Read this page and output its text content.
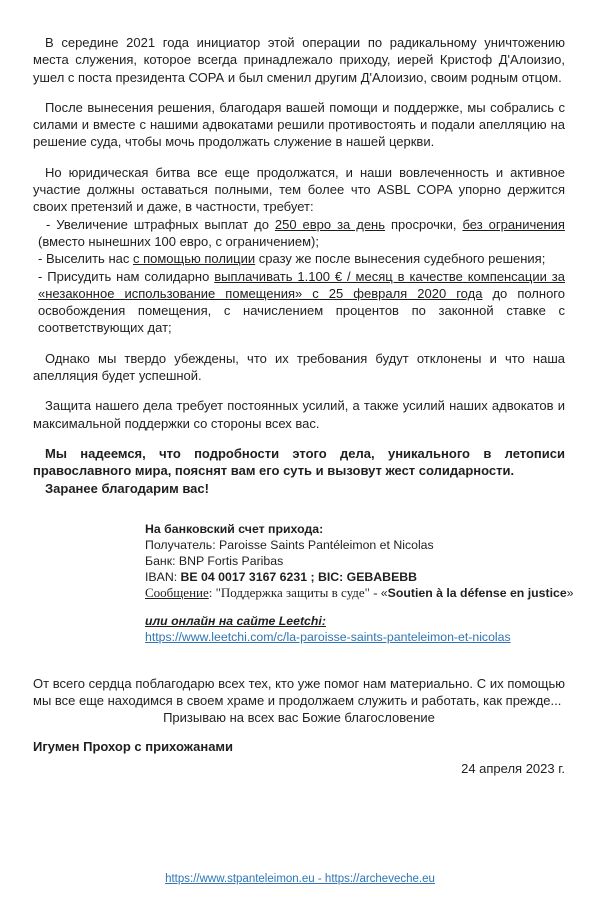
В середине 2021 года инициатор этой операции по радикальному уничтожению места служения, которое всегда принадлежало приходу, иерей Кристоф Д'Алоизио, ушел с поста президента СОРА и был сменил другим Д'Алоизио, своим родным отцом.

После вынесения решения, благодаря вашей помощи и поддержке, мы собрались с силами и вместе с нашими адвокатами решили противостоять и подали апелляцию на решение суда, чтобы мочь продолжать служение в нашей церкви.

Но юридическая битва все еще продолжатся, и наши вовлеченность и активное участие должны оставаться полными, тем более что ASBL COPA упорно держится своих претензий и даже, в частности, требует:

- Увеличение штрафных выплат до 250 евро за день просрочки, без ограничения (вместо нынешних 100 евро, с ограничением);

- Выселить нас с помощью полиции сразу же после вынесения судебного решения;

- Присудить нам солидарно выплачивать 1.100 € / месяц в качестве компенсации за «незаконное использование помещения» с 25 февраля 2020 года до полного освобождения помещения, с начислением процентов по законной ставке с соответствующих дат;

Однако мы твердо убеждены, что их требования будут отклонены и что наша апелляция будет успешной.

Защита нашего дела требует постоянных усилий, а также усилий наших адвокатов и максимальной поддержки со стороны всех вас.

Мы надеемся, что подробности этого дела, уникального в летописи православного мира, пояснят вам его суть и вызовут жест солидарности.

Заранее благодарим вас!

На банковский счет прихода:
Получатель: Paroisse Saints Pantéleimon et Nicolas
Банк: BNP Fortis Paribas
IBAN: BE 04 0017 3167 6231 ; BIC: GEBABEBB
Сообщение: "Поддержка защиты в суде" - «Soutien à la défense en justice»
или онлайн на сайте Leetchi:
https://www.leetchi.com/c/la-paroisse-saints-panteleimon-et-nicolas

От всего сердца поблагодарю всех тех, кто уже помог нам материально. С их помощью мы все еще находимся в своем храме и продолжаем служить и работать, как прежде...

Призываю на всех вас Божие благословение

Игумен Прохор с прихожанами

24 апреля 2023 г.

https://www.stpanteleimon.eu - https://archeveche.eu
